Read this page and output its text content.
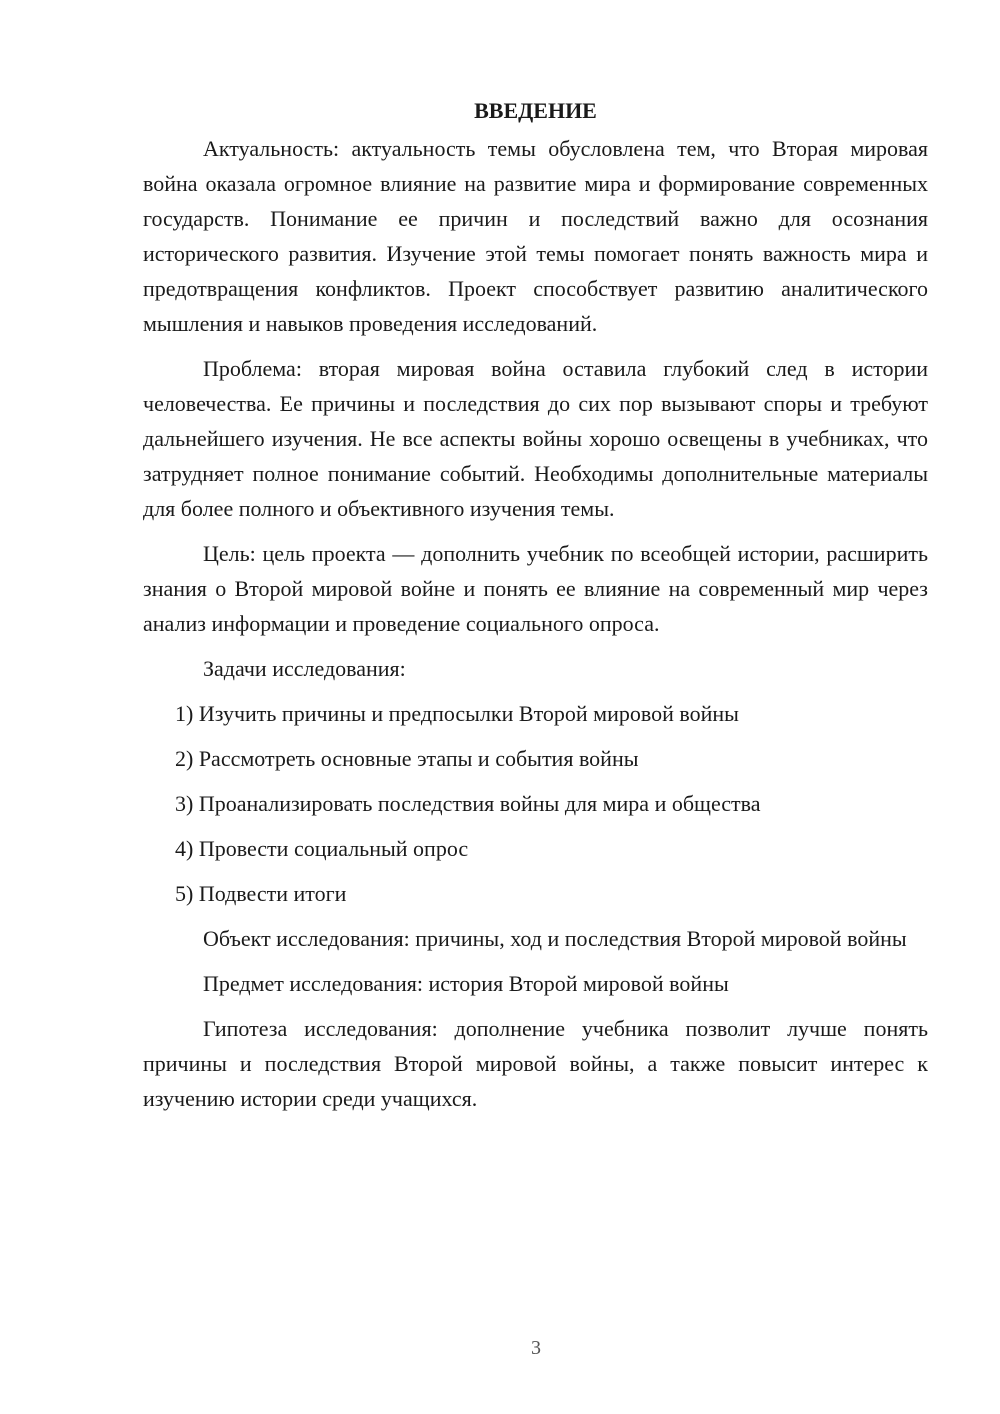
ВВЕДЕНИЕ

Актуальность: актуальность темы обусловлена тем, что Вторая мировая война оказала огромное влияние на развитие мира и формирование современных государств. Понимание ее причин и последствий важно для осознания исторического развития. Изучение этой темы помогает понять важность мира и предотвращения конфликтов. Проект способствует развитию аналитического мышления и навыков проведения исследований.

Проблема: вторая мировая война оставила глубокий след в истории человечества. Ее причины и последствия до сих пор вызывают споры и требуют дальнейшего изучения. Не все аспекты войны хорошо освещены в учебниках, что затрудняет полное понимание событий. Необходимы дополнительные материалы для более полного и объективного изучения темы.

Цель: цель проекта — дополнить учебник по всеобщей истории, расширить знания о Второй мировой войне и понять ее влияние на современный мир через анализ информации и проведение социального опроса.

Задачи исследования:

1) Изучить причины и предпосылки Второй мировой войны

2) Рассмотреть основные этапы и события войны

3) Проанализировать последствия войны для мира и общества

4) Провести социальный опрос

5) Подвести итоги

Объект исследования: причины, ход и последствия Второй мировой войны

Предмет исследования: история Второй мировой войны

Гипотеза исследования: дополнение учебника позволит лучше понять причины и последствия Второй мировой войны, а также повысит интерес к изучению истории среди учащихся.

3
